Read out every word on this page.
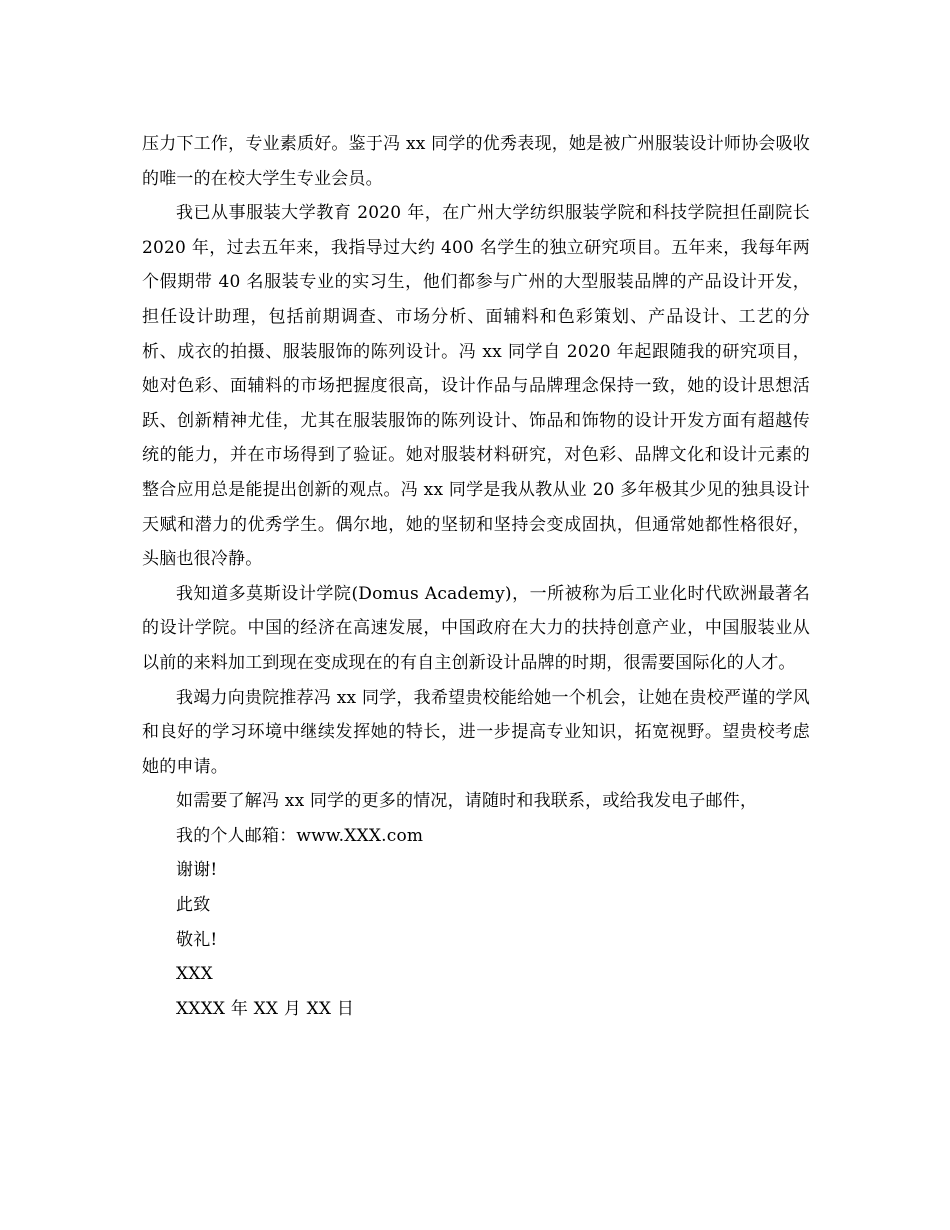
压力下工作，专业素质好。鉴于冯 xx 同学的优秀表现，她是被广州服装设计师协会吸收的唯一的在校大学生专业会员。

我已从事服装大学教育 2020 年，在广州大学纺织服装学院和科技学院担任副院长 2020 年，过去五年来，我指导过大约 400 名学生的独立研究项目。五年来，我每年两个假期带 40 名服装专业的实习生，他们都参与广州的大型服装品牌的产品设计开发，担任设计助理，包括前期调查、市场分析、面辅料和色彩策划、产品设计、工艺的分析、成衣的拍摄、服装服饰的陈列设计。冯 xx 同学自 2020 年起跟随我的研究项目，她对色彩、面辅料的市场把握度很高，设计作品与品牌理念保持一致，她的设计思想活跃、创新精神尤佳，尤其在服装服饰的陈列设计、饰品和饰物的设计开发方面有超越传统的能力，并在市场得到了验证。她对服装材料研究，对色彩、品牌文化和设计元素的整合应用总是能提出创新的观点。冯 xx 同学是我从教从业 20 多年极其少见的独具设计天赋和潜力的优秀学生。偶尔地，她的坚韧和坚持会变成固执，但通常她都性格很好，头脑也很冷静。

我知道多莫斯设计学院(Domus Academy)，一所被称为后工业化时代欧洲最著名的设计学院。中国的经济在高速发展，中国政府在大力的扶持创意产业，中国服装业从以前的来料加工到现在变成现在的有自主创新设计品牌的时期，很需要国际化的人才。

我竭力向贵院推荐冯 xx 同学，我希望贵校能给她一个机会，让她在贵校严谨的学风和良好的学习环境中继续发挥她的特长，进一步提高专业知识，拓宽视野。望贵校考虑她的申请。

如需要了解冯 xx 同学的更多的情况，请随时和我联系，或给我发电子邮件，

我的个人邮箱：www.XXX.com

谢谢!

此致

敬礼!

XXX

XXXX 年 XX 月 XX 日
